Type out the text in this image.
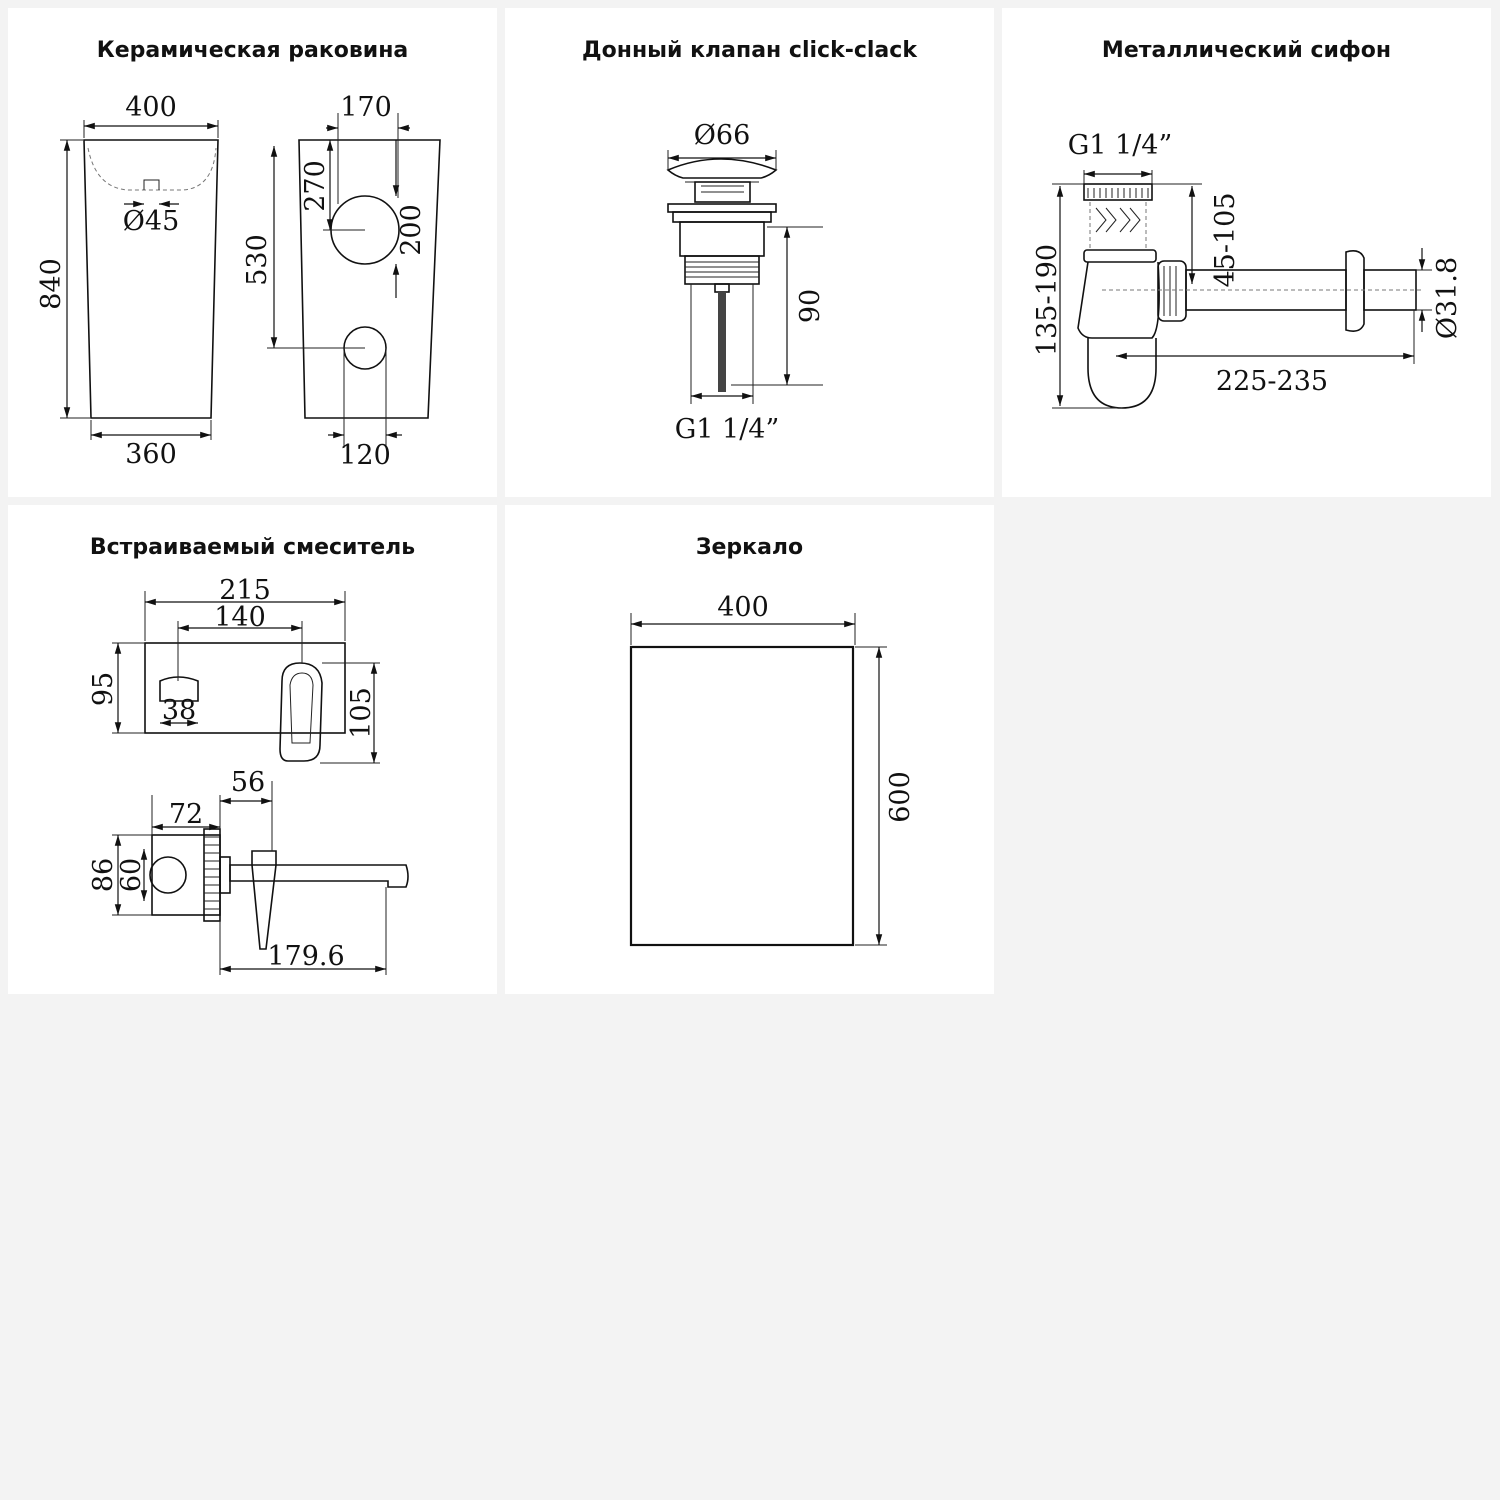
Керамическая раковина
400
840
Ø45
360
170
270
200
530
120
Донный клапан click-clack
Ø66
90
G1 1/4”
Металлический сифон
G1 1/4”
45-105
135-190	Ø31.8
225-235
Встраиваемый смеситель
215
140
95
38	105
72
56
86
60
179.6
Зеркало
400
600
